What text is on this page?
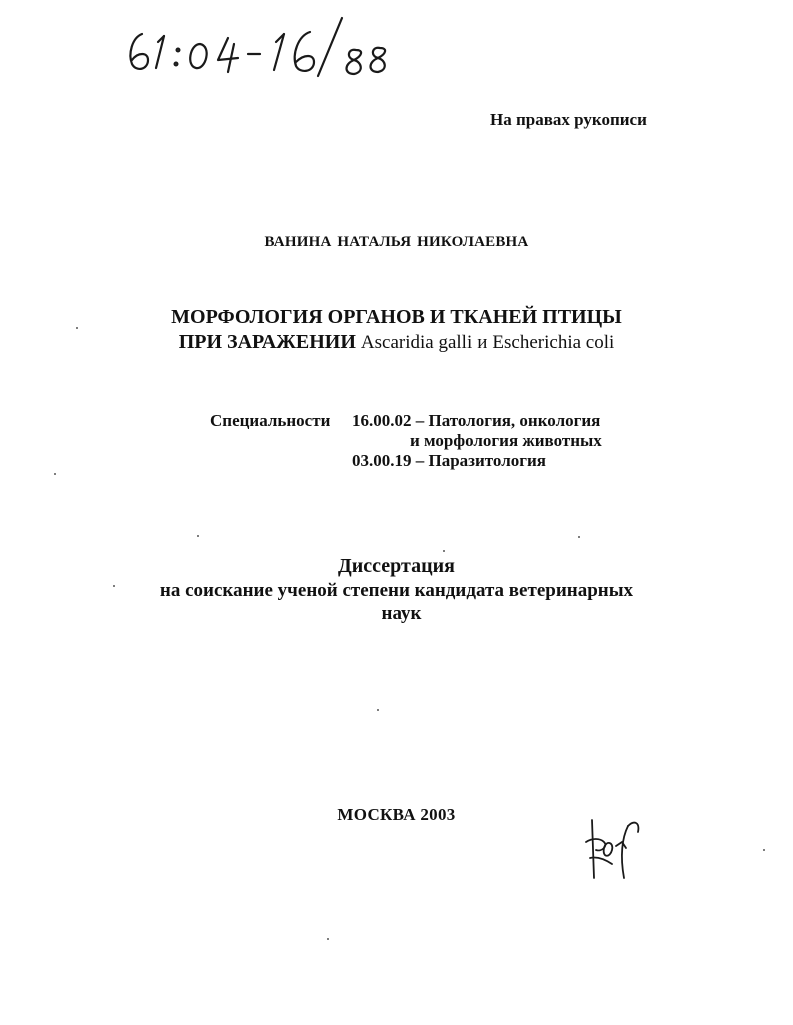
На правах рукописи
ВАНИНА НАТАЛЬЯ НИКОЛАЕВНА
МОРФОЛОГИЯ ОРГАНОВ И ТКАНЕЙ ПТИЦЫ
ПРИ ЗАРАЖЕНИИ Ascaridia galli и Escherichia coli
Специальности 16.00.02 – Патология, онкология
и морфология животных
03.00.19 – Паразитология
Диссертация
на соискание ученой степени кандидата ветеринарных
наук
МОСКВА 2003
